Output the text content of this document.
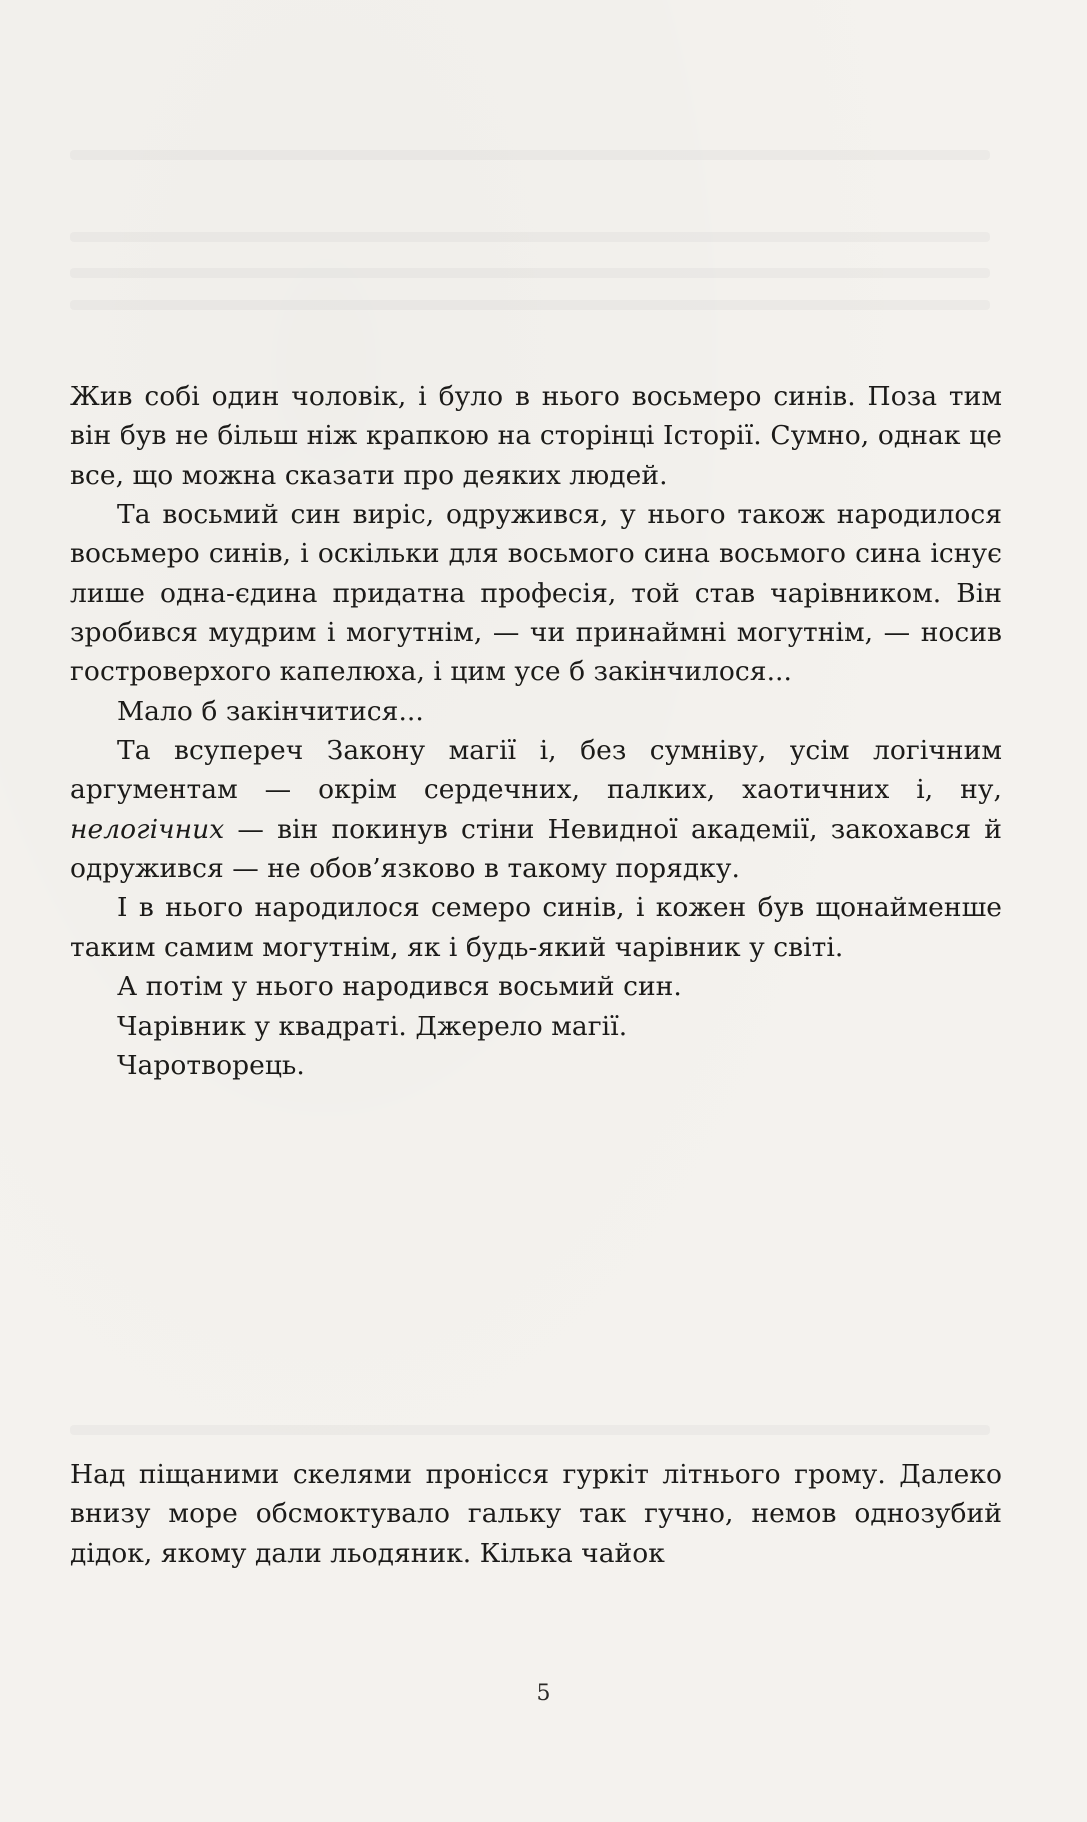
Жив собі один чоловік, і було в нього восьмеро синів. Поза тим він був не більш ніж крапкою на сторінці Історії. Сумно, однак це все, що можна сказати про деяких людей.

Та восьмий син виріс, одружився, у нього також народилося восьмеро синів, і оскільки для восьмого сина восьмого сина існує лише одна-єдина придатна професія, той став чарівником. Він зробився мудрим і могутнім, — чи принаймні могутнім, — носив гостроверхого капелюха, і цим усе б закінчилося...

Мало б закінчитися...

Та всупереч Закону магії і, без сумніву, усім логічним аргументам — окрім сердечних, палких, хаотичних і, ну, нелогічних — він покинув стіни Невидної академії, закохався й одружився — не обов’язково в такому порядку.

І в нього народилося семеро синів, і кожен був щонайменше таким самим могутнім, як і будь-який чарівник у світі.

А потім у нього народився восьмий син.

Чарівник у квадраті. Джерело магії.

Чаротворець.

Над піщаними скелями пронісся гуркіт літнього грому. Далеко внизу море обсмоктувало гальку так гучно, немов однозубий дідок, якому дали льодяник. Кілька чайок

5
